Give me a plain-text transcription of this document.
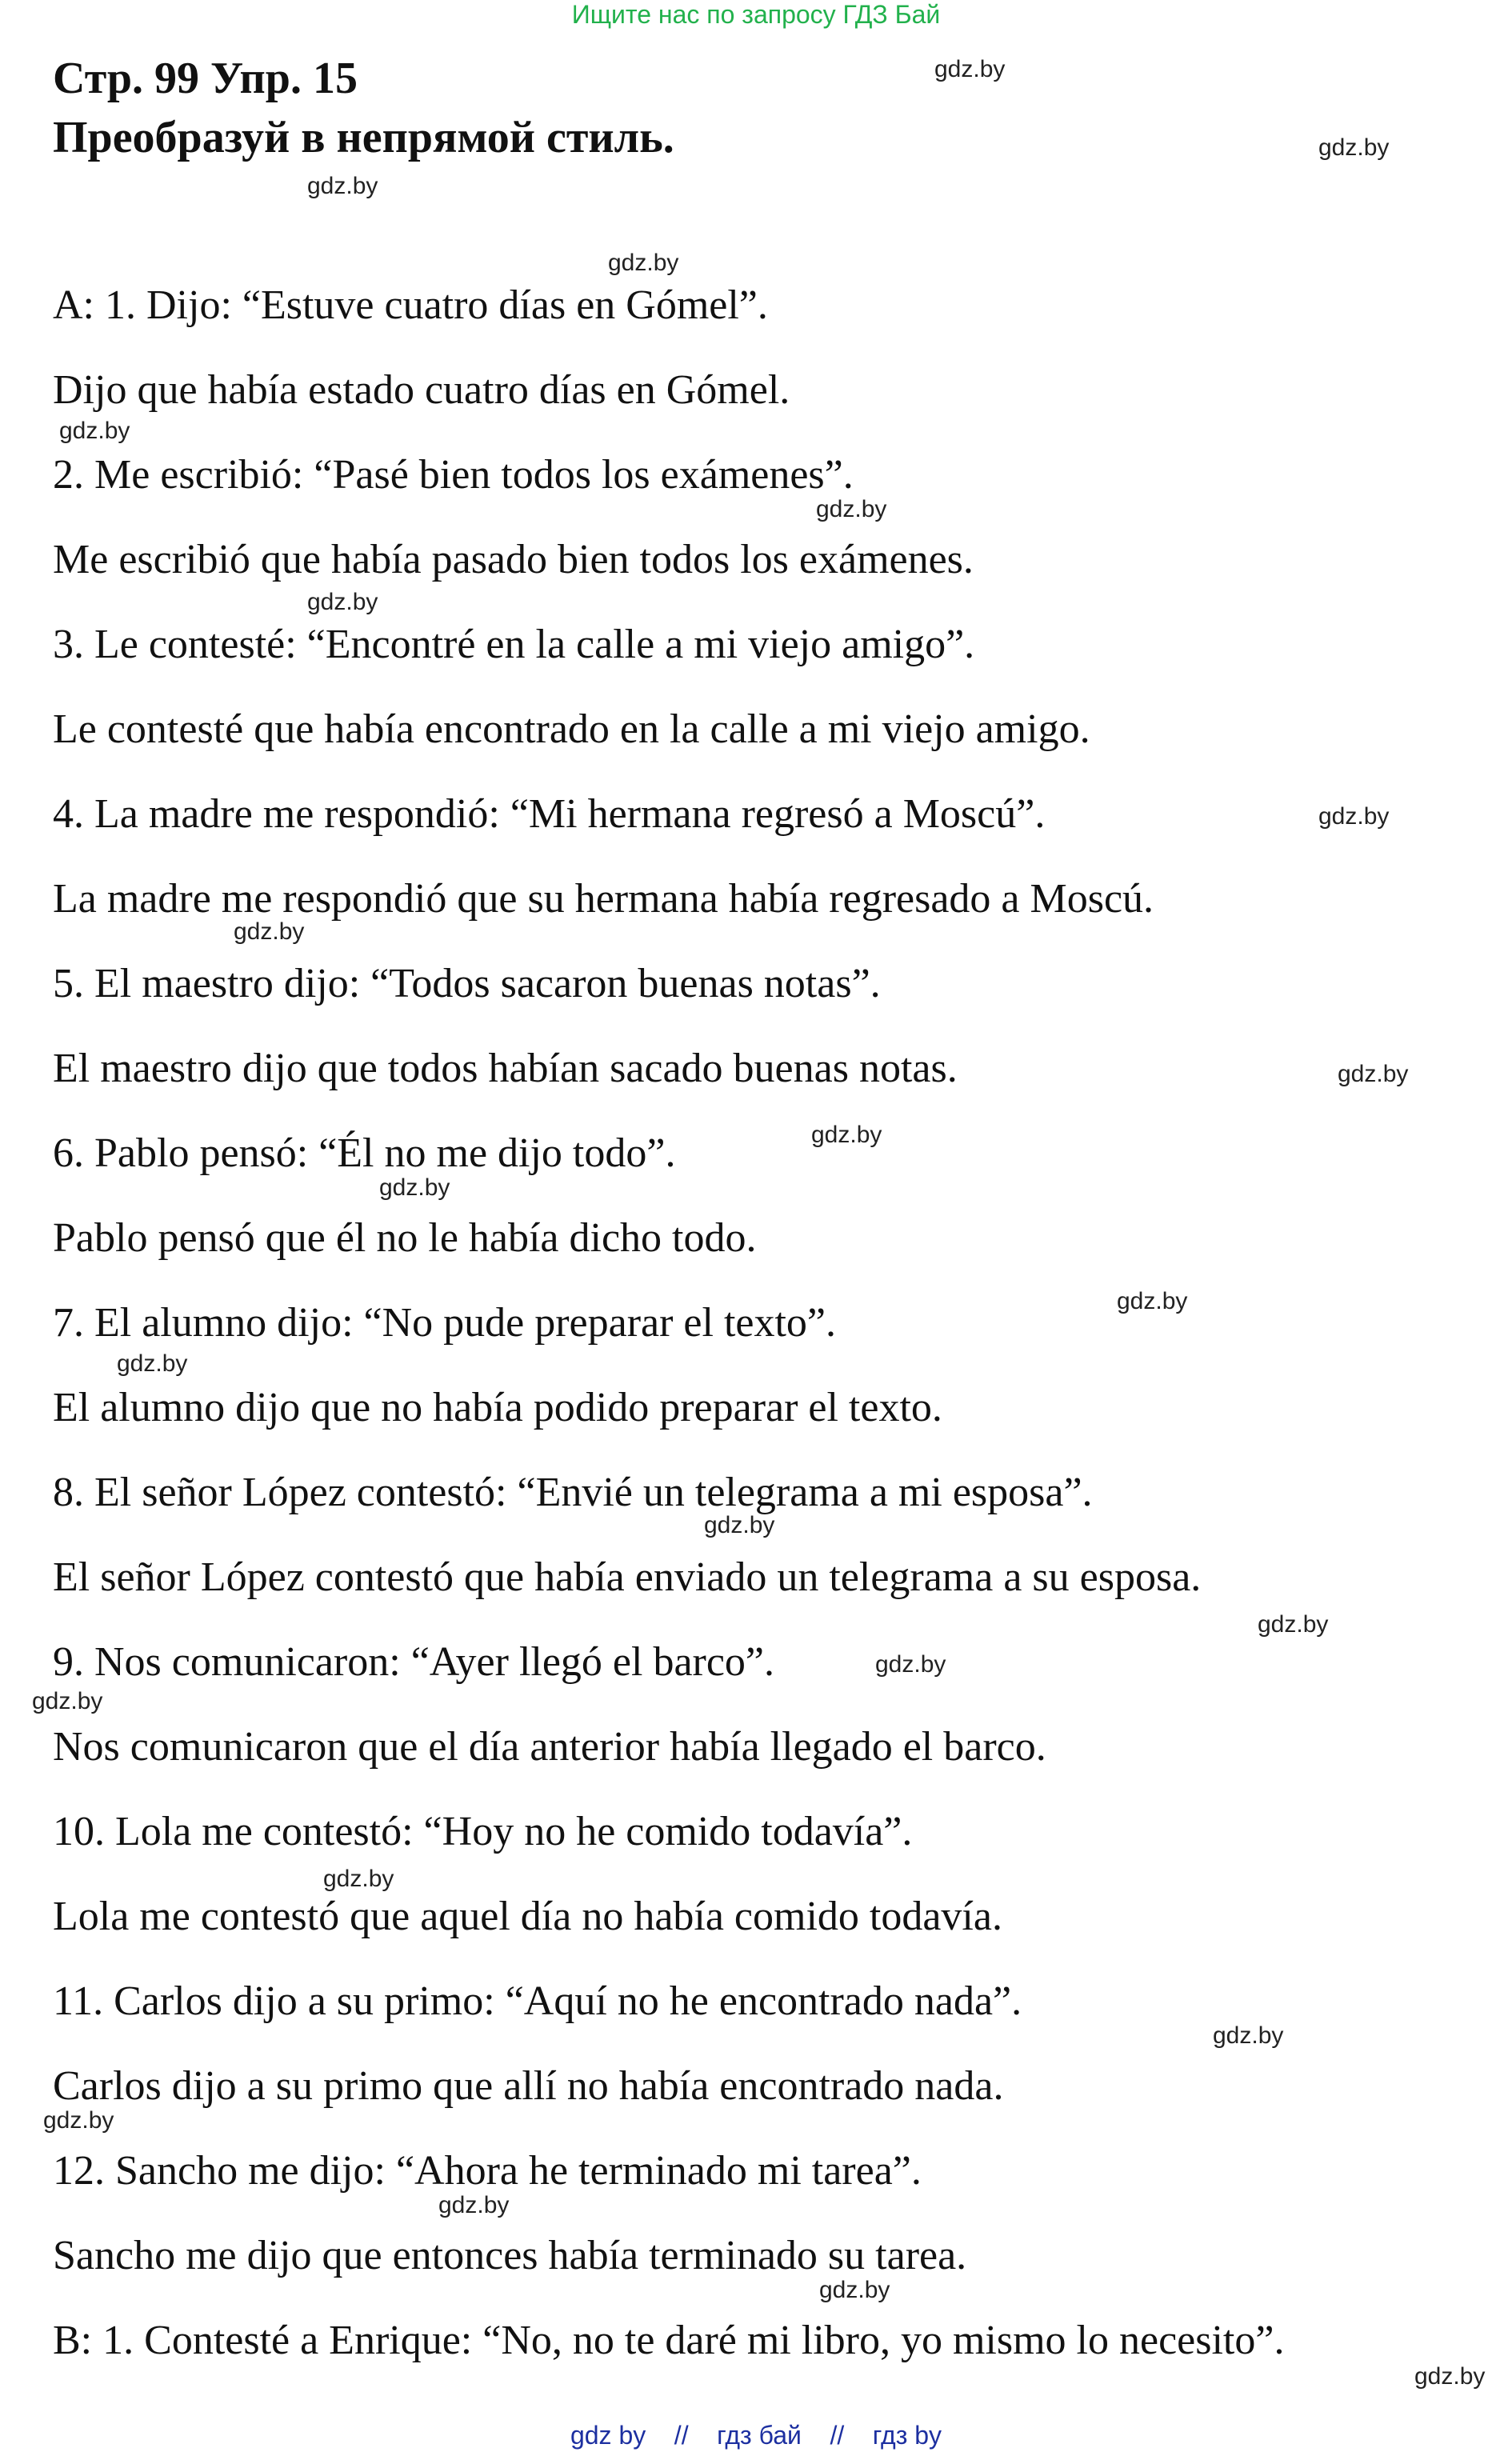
Ищите нас по запросу ГДЗ Бай
Стр. 99 Упр. 15
Преобразуй в непрямой стиль.
A: 1. Dijo: “Estuve cuatro días en Gómel”.
Dijo que había estado cuatro días en Gómel.
2. Me escribió: “Pasé bien todos los exámenes”.
Me escribió que había pasado bien todos los exámenes.
3. Le contesté: “Encontré en la calle a mi viejo amigo”.
Le contesté que había encontrado en la calle a mi viejo amigo.
4. La madre me respondió: “Mi hermana regresó a Moscú”.
La madre me respondió que su hermana había regresado a Moscú.
5. El maestro dijo: “Todos sacaron buenas notas”.
El maestro dijo que todos habían sacado buenas notas.
6. Pablo pensó: “Él no me dijo todo”.
Pablo pensó que él no le había dicho todo.
7. El alumno dijo: “No pude preparar el texto”.
El alumno dijo que no había podido preparar el texto.
8. El señor López contestó: “Envié un telegrama a mi esposa”.
El señor López contestó que había enviado un telegrama a su esposa.
9. Nos comunicaron: “Ayer llegó el barco”.
Nos comunicaron que el día anterior había llegado el barco.
10. Lola me contestó: “Hoy no he comido todavía”.
Lola me contestó que aquel día no había comido todavía.
11. Carlos dijo a su primo: “Aquí no he encontrado nada”.
Carlos dijo a su primo que allí no había encontrado nada.
12. Sancho me dijo: “Ahora he terminado mi tarea”.
Sancho me dijo que entonces había terminado su tarea.
B: 1. Contesté a Enrique: “No, no te daré mi libro, yo mismo lo necesito”.
gdz.by
gdz.by
gdz.by
gdz.by
gdz.by
gdz.by
gdz.by
gdz.by
gdz.by
gdz.by
gdz.by
gdz.by
gdz.by
gdz.by
gdz.by
gdz.by
gdz.by
gdz.by
gdz.by
gdz.by
gdz.by
gdz.by
gdz.by
gdz.by
gdz by // гдз бай // гдз by
